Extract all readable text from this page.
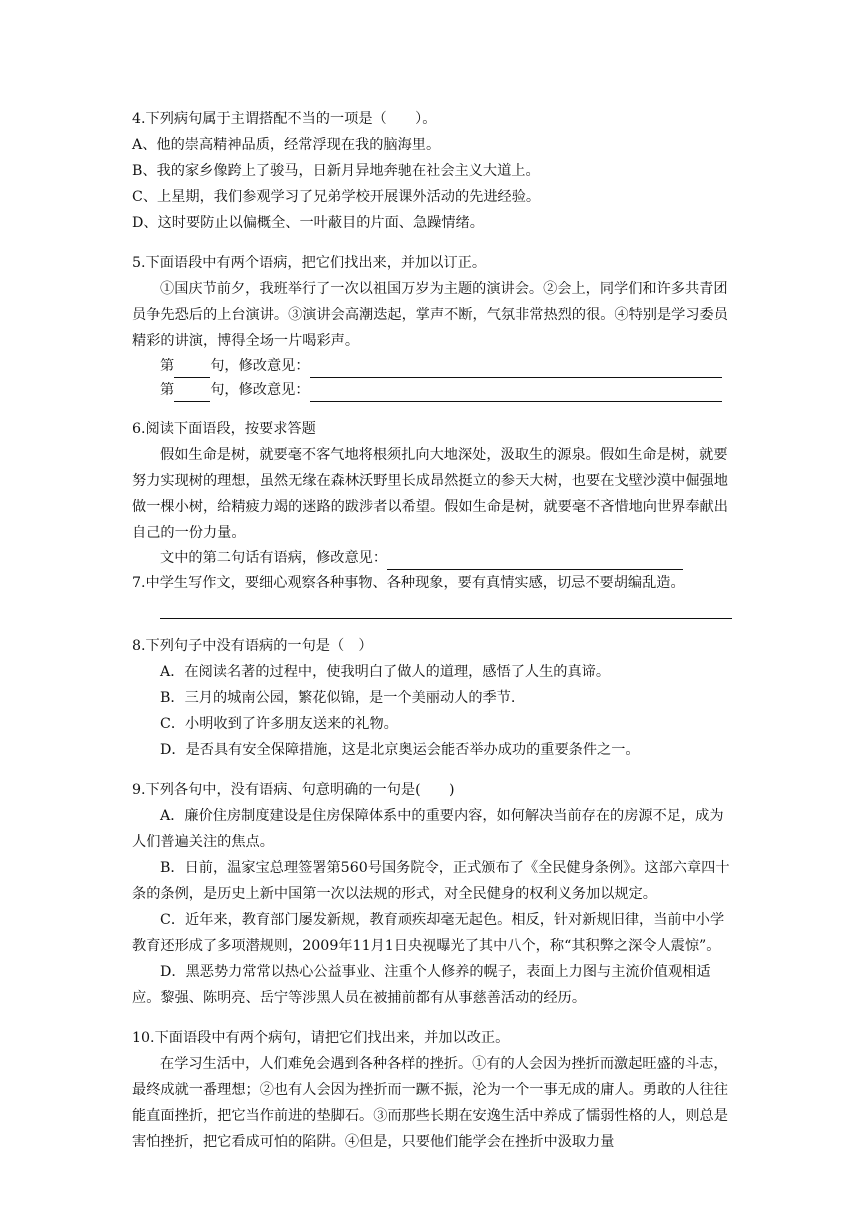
4.下列病句属于主谓搭配不当的一项是（　　）。
A、他的崇高精神品质，经常浮现在我的脑海里。
B、我的家乡像跨上了骏马，日新月异地奔驰在社会主义大道上。
C、上星期，我们参观学习了兄弟学校开展课外活动的先进经验。
D、这时要防止以偏概全、一叶蔽目的片面、急躁情绪。
5.下面语段中有两个语病，把它们找出来，并加以订正。

①国庆节前夕，我班举行了一次以祖国万岁为主题的演讲会。②会上，同学们和许多共青团员争先恐后的上台演讲。③演讲会高潮迭起，掌声不断，气氛非常热烈的很。④特别是学习委员精彩的讲演，博得全场一片喝彩声。

第	句，修改意见：
第	句，修改意见：
6.阅读下面语段，按要求答题

假如生命是树，就要毫不客气地将根须扎向大地深处，汲取生的源泉。假如生命是树，就要努力实现树的理想，虽然无缘在森林沃野里长成昂然挺立的参天大树，也要在戈壁沙漠中倔强地做一棵小树，给精疲力竭的迷路的跋涉者以希望。假如生命是树，就要毫不吝惜地向世界奉献出自己的一份力量。

文中的第二句话有语病，修改意见：
7.中学生写作文，要细心观察各种事物、各种现象，要有真情实感，切忌不要胡编乱造。
8.下列句子中没有语病的一句是（　）
A．在阅读名著的过程中，使我明白了做人的道理，感悟了人生的真谛。
B．三月的城南公园，繁花似锦，是一个美丽动人的季节.
C．小明收到了许多朋友送来的礼物。
D．是否具有安全保障措施，这是北京奥运会能否举办成功的重要条件之一。
9.下列各句中，没有语病、句意明确的一句是(　　)

A．廉价住房制度建设是住房保障体系中的重要内容，如何解决当前存在的房源不足，成为人们普遍关注的焦点。

B．日前，温家宝总理签署第560号国务院令，正式颁布了《全民健身条例》。这部六章四十条的条例，是历史上新中国第一次以法规的形式，对全民健身的权利义务加以规定。

C．近年来，教育部门屡发新规，教育顽疾却毫无起色。相反，针对新规旧律，当前中小学教育还形成了多项潜规则，2009年11月1日央视曝光了其中八个，称“其积弊之深令人震惊”。

D．黑恶势力常常以热心公益事业、注重个人修养的幌子，表面上力图与主流价值观相适应。黎强、陈明亮、岳宁等涉黑人员在被捕前都有从事慈善活动的经历。

10.下面语段中有两个病句，请把它们找出来，并加以改正。

在学习生活中，人们难免会遇到各种各样的挫折。①有的人会因为挫折而激起旺盛的斗志，最终成就一番理想；②也有人会因为挫折而一蹶不振，沦为一个一事无成的庸人。勇敢的人往往能直面挫折，把它当作前进的垫脚石。③而那些长期在安逸生活中养成了懦弱性格的人，则总是害怕挫折，把它看成可怕的陷阱。④但是，只要他们能学会在挫折中汲取力量
